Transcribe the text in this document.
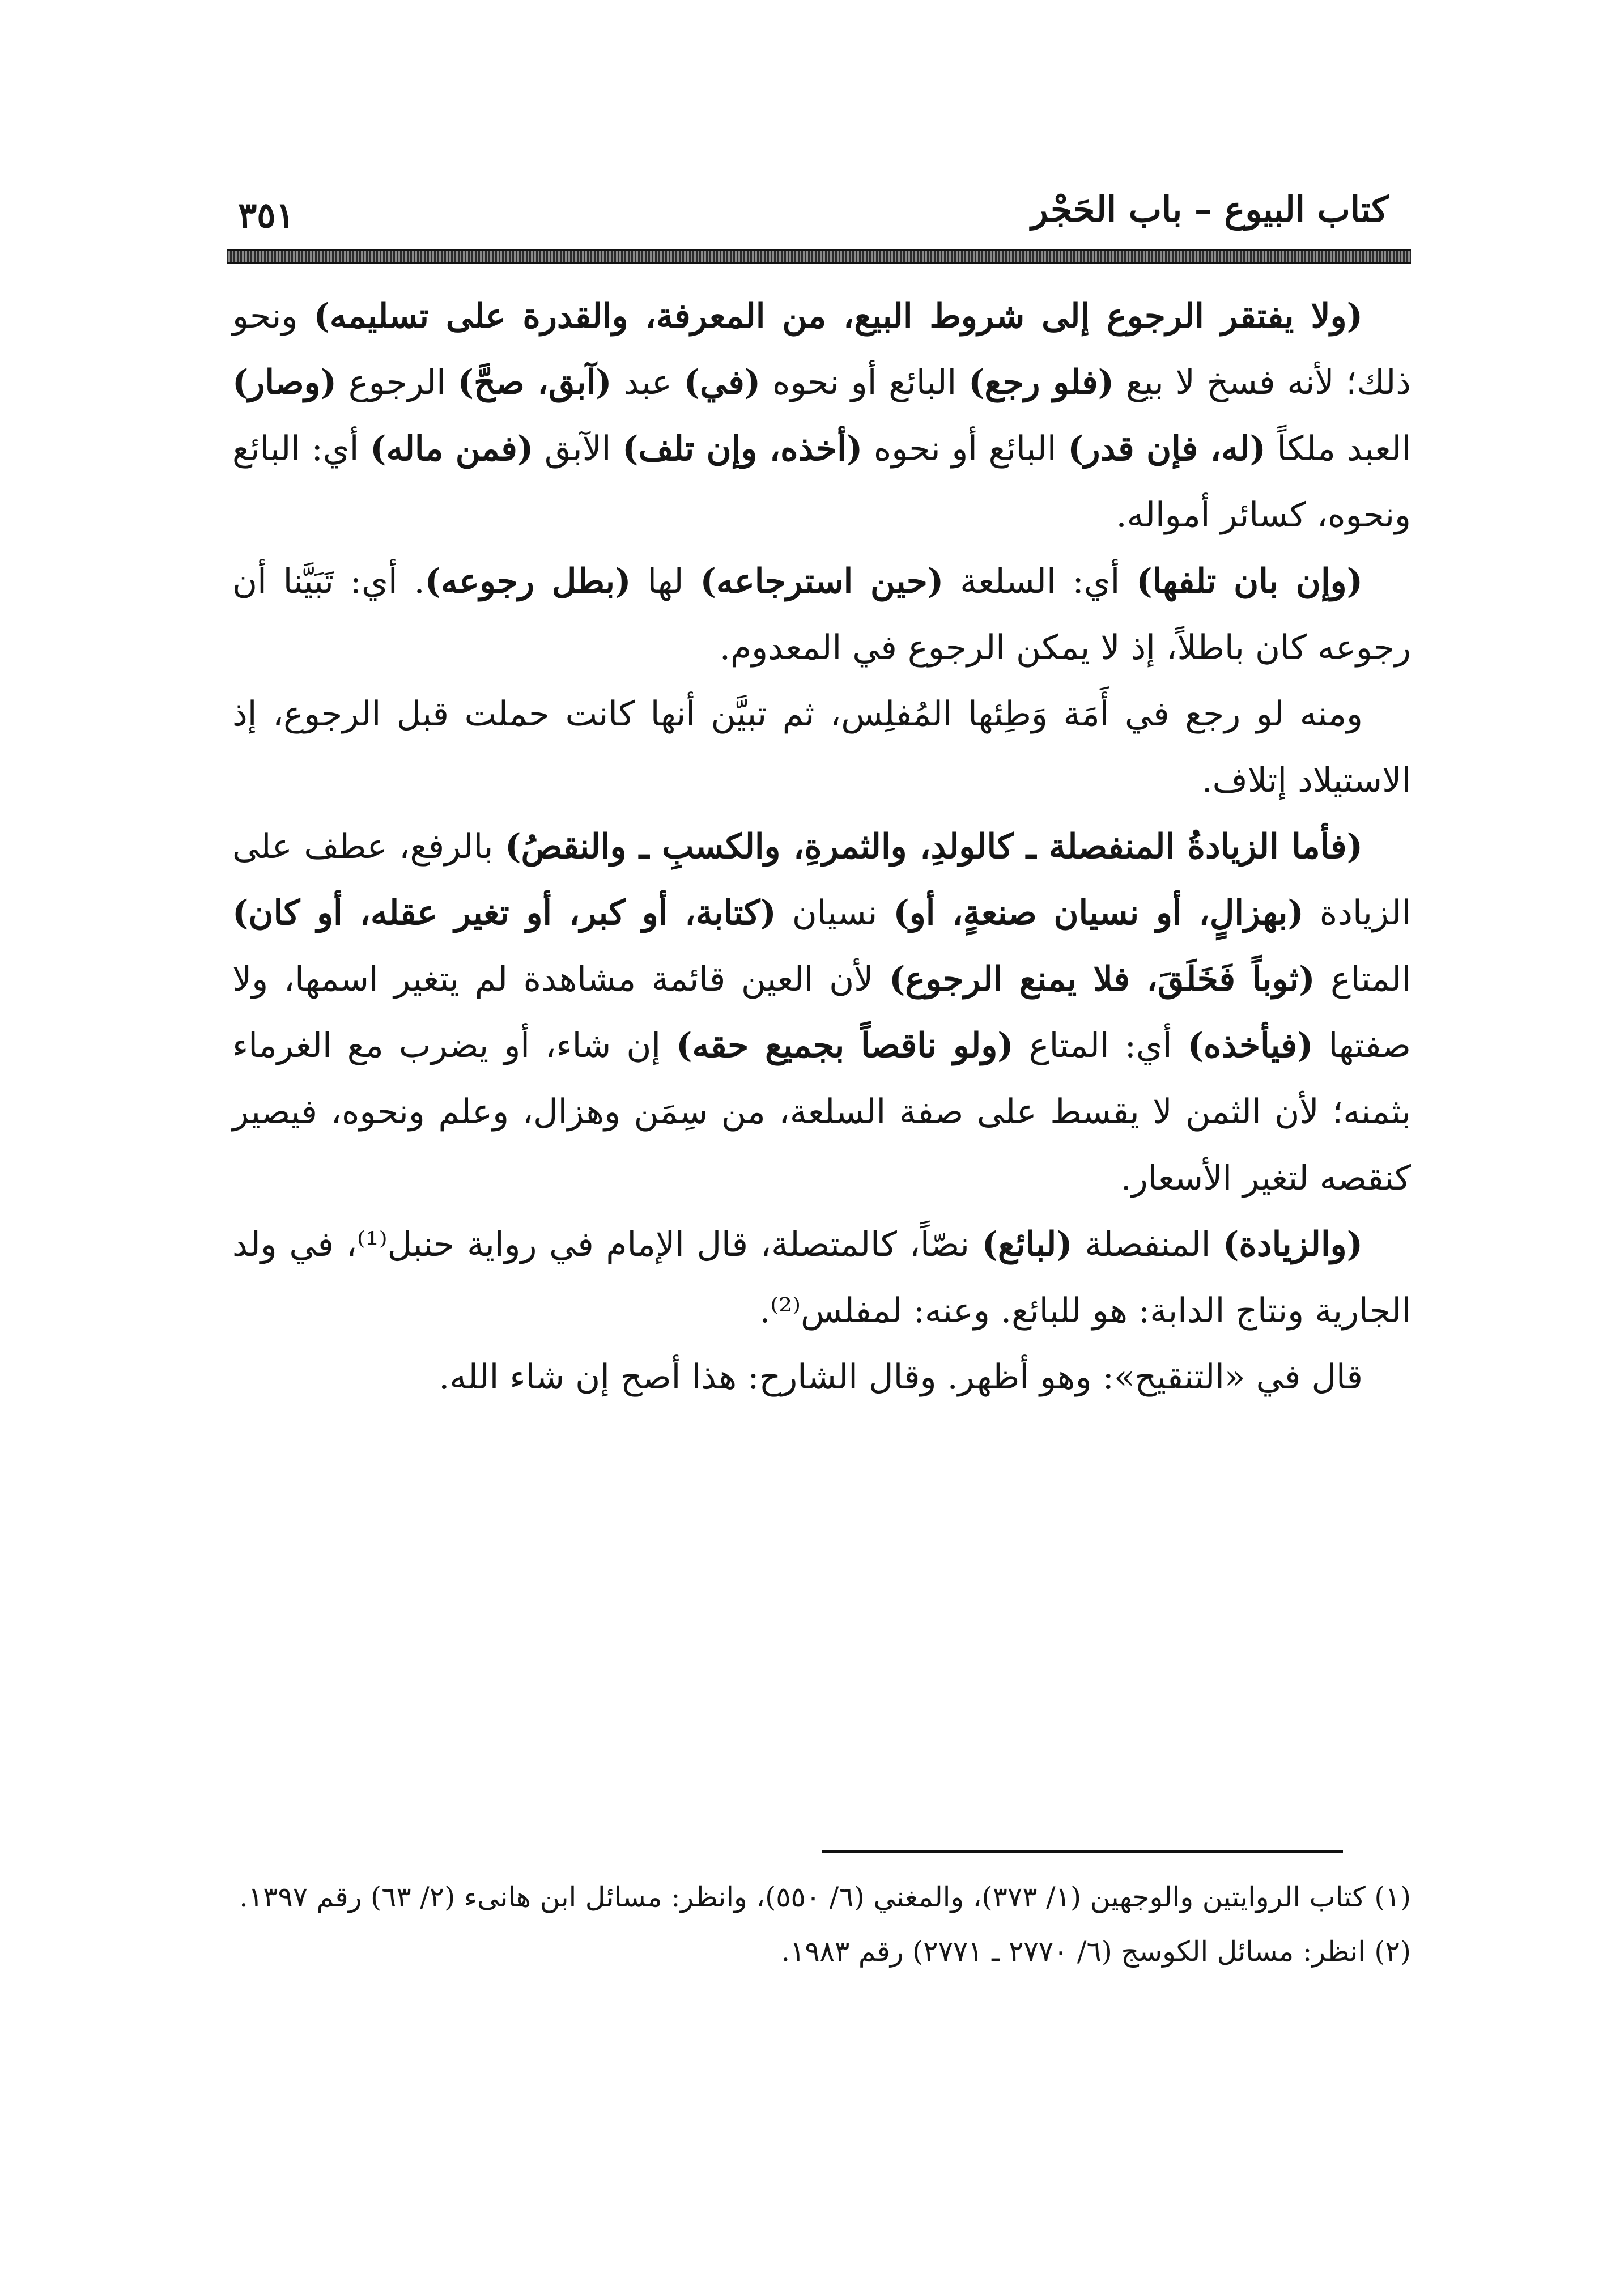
كتاب البيوع – باب الحَجْر
٣٥١

(ولا يفتقر الرجوع إلى شروط البيع، من المعرفة، والقدرة على تسليمه) ونحو ذلك؛ لأنه فسخ لا بيع (فلو رجع) البائع أو نحوه (في) عبد (آبق، صحَّ) الرجوع (وصار) العبد ملكاً (له، فإن قدر) البائع أو نحوه (أخذه، وإن تلف) الآبق (فمن ماله) أي: البائع ونحوه، كسائر أمواله.

(وإن بان تلفها) أي: السلعة (حين استرجاعه) لها (بطل رجوعه). أي: تَبَيَّنا أن رجوعه كان باطلاً، إذ لا يمكن الرجوع في المعدوم.

ومنه لو رجع في أَمَة وَطِئها المُفلِس، ثم تبيَّن أنها كانت حملت قبل الرجوع، إذ الاستيلاد إتلاف.

(فأما الزيادةُ المنفصلة ـ كالولدِ، والثمرةِ، والكسبِ ـ والنقصُ) بالرفع، عطف على الزيادة (بهزالٍ، أو نسيان صنعةٍ، أو) نسيان (كتابة، أو كبر، أو تغير عقله، أو كان) المتاع (ثوباً فَخَلَقَ، فلا يمنع الرجوع) لأن العين قائمة مشاهدة لم يتغير اسمها، ولا صفتها (فيأخذه) أي: المتاع (ولو ناقصاً بجميع حقه) إن شاء، أو يضرب مع الغرماء بثمنه؛ لأن الثمن لا يقسط على صفة السلعة، من سِمَن وهزال، وعلم ونحوه، فيصير كنقصه لتغير الأسعار.

(والزيادة) المنفصلة (لبائع) نصّاً، كالمتصلة، قال الإمام في رواية حنبل⁽¹⁾، في ولد الجارية ونتاج الدابة: هو للبائع. وعنه: لمفلس⁽²⁾.

قال في «التنقيح»: وهو أظهر. وقال الشارح: هذا أصح إن شاء الله.

(١) كتاب الروايتين والوجهين (١/ ٣٧٣)، والمغني (٦/ ٥٥٠)، وانظر: مسائل ابن هانىء (٢/ ٦٣) رقم ١٣٩٧.

(٢) انظر: مسائل الكوسج (٦/ ٢٧٧٠ ـ ٢٧٧١) رقم ١٩٨٣.
